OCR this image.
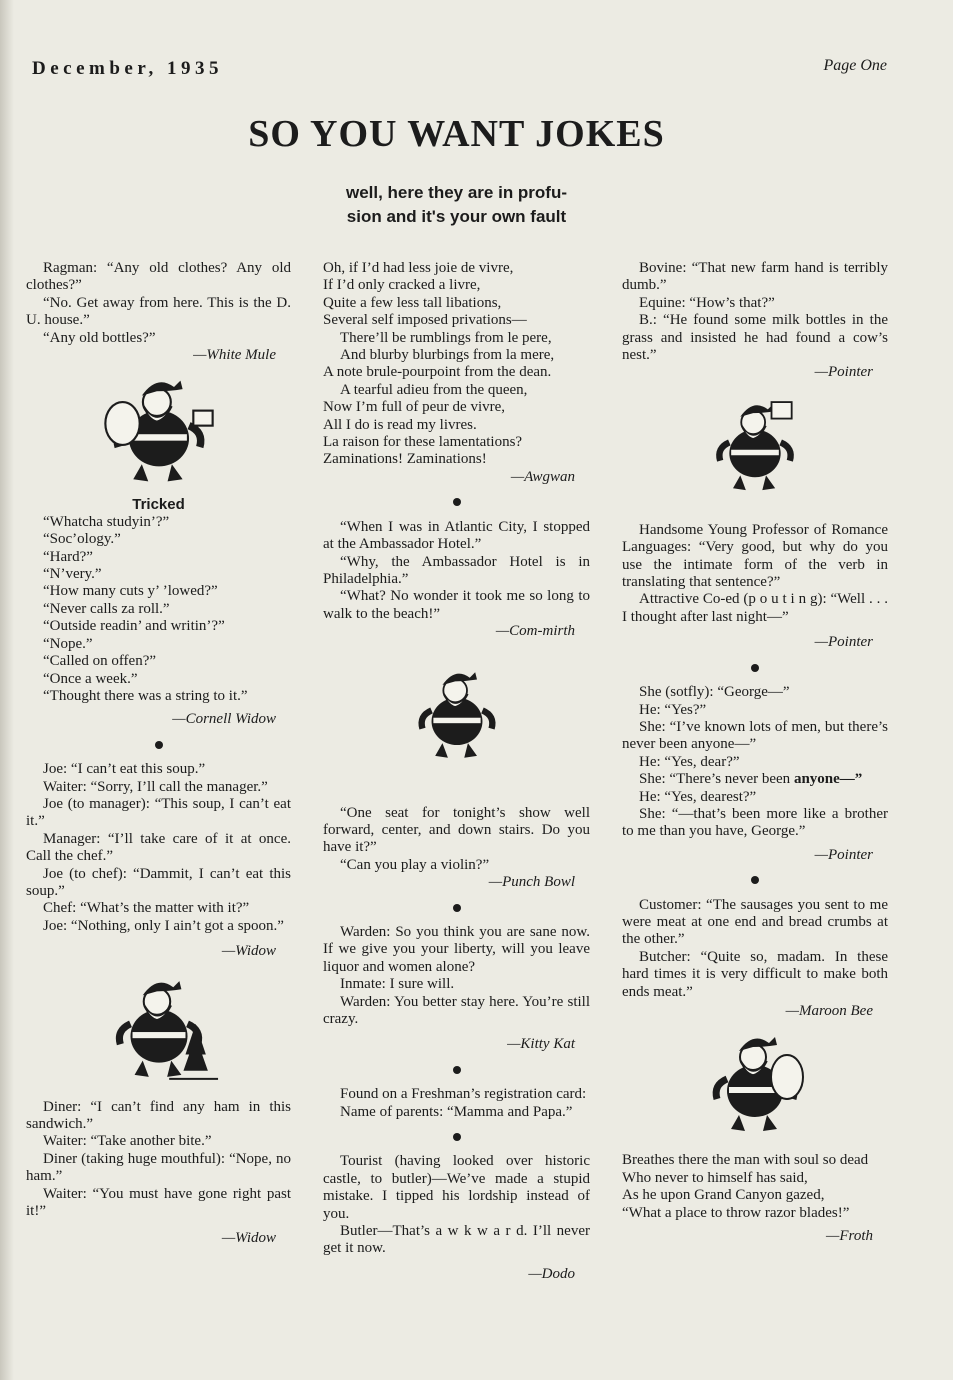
December, 1935	Page One
SO YOU WANT JOKES
well, here they are in profu-
sion and it's your own fault

Ragman: “Any old clothes? Any old clothes?”

“No. Get away from here. This is the D. U. house.”

“Any old bottles?”

—White Mule

Tricked

“Whatcha studyin’?”

“Soc’ology.”

“Hard?”

“N’very.”

“How many cuts y’ ’lowed?”

“Never calls za roll.”

“Outside readin’ and writin’?”

“Nope.”

“Called on offen?”

“Once a week.”

“Thought there was a string to it.”

—Cornell Widow

Joe: “I can’t eat this soup.”

Waiter: “Sorry, I’ll call the manager.”

Joe (to manager): “This soup, I can’t eat it.”

Manager: “I’ll take care of it at once. Call the chef.”

Joe (to chef): “Dammit, I can’t eat this soup.”

Chef: “What’s the matter with it?”

Joe: “Nothing, only I ain’t got a spoon.”

—Widow

Diner: “I can’t find any ham in this sandwich.”

Waiter: “Take another bite.”

Diner (taking huge mouthful): “Nope, no ham.”

Waiter: “You must have gone right past it!”

—Widow

Oh, if I’d had less joie de vivre,

If I’d only cracked a livre,

Quite a few less tall libations,

Several self imposed privations—

There’ll be rumblings from le pere,

And blurby blurbings from la mere,

A note brule-pourpoint from the dean.

A tearful adieu from the queen,

Now I’m full of peur de vivre,

All I do is read my livres.

La raison for these lamentations?

Zaminations! Zaminations!

—Awgwan

“When I was in Atlantic City, I stopped at the Ambassador Hotel.”

“Why, the Ambassador Hotel is in Philadelphia.”

“What? No wonder it took me so long to walk to the beach!”

—Com-mirth

“One seat for tonight’s show well forward, center, and down stairs. Do you have it?”

“Can you play a violin?”

—Punch Bowl

Warden: So you think you are sane now. If we give you your liberty, will you leave liquor and women alone?

Inmate: I sure will.

Warden: You better stay here. You’re still crazy.

—Kitty Kat

Found on a Freshman’s registration card:

Name of parents: “Mamma and Papa.”

Tourist (having looked over historic castle, to butler)—We’ve made a stupid mistake. I tipped his lordship instead of you.

Butler—That’s a w k w a r d. I’ll never get it now.

—Dodo

Bovine: “That new farm hand is terribly dumb.”

Equine: “How’s that?”

B.: “He found some milk bottles in the grass and insisted he had found a cow’s nest.”

—Pointer

Handsome Young Professor of Romance Languages: “Very good, but why do you use the intimate form of the verb in translating that sentence?”

Attractive Co-ed (p o u t i n g): “Well . . . I thought after last night—”

—Pointer

She (sotfly): “George—”

He: “Yes?”

She: “I’ve known lots of men, but there’s never been anyone—”

He: “Yes, dear?”

She: “There’s never been anyone—”

He: “Yes, dearest?”

She: “—that’s been more like a brother to me than you have, George.”

—Pointer

Customer: “The sausages you sent to me were meat at one end and bread crumbs at the other.”

Butcher: “Quite so, madam. In these hard times it is very difficult to make both ends meat.”

—Maroon Bee

Breathes there the man with soul so dead

Who never to himself has said,

As he upon Grand Canyon gazed,

“What a place to throw razor blades!”

—Froth
